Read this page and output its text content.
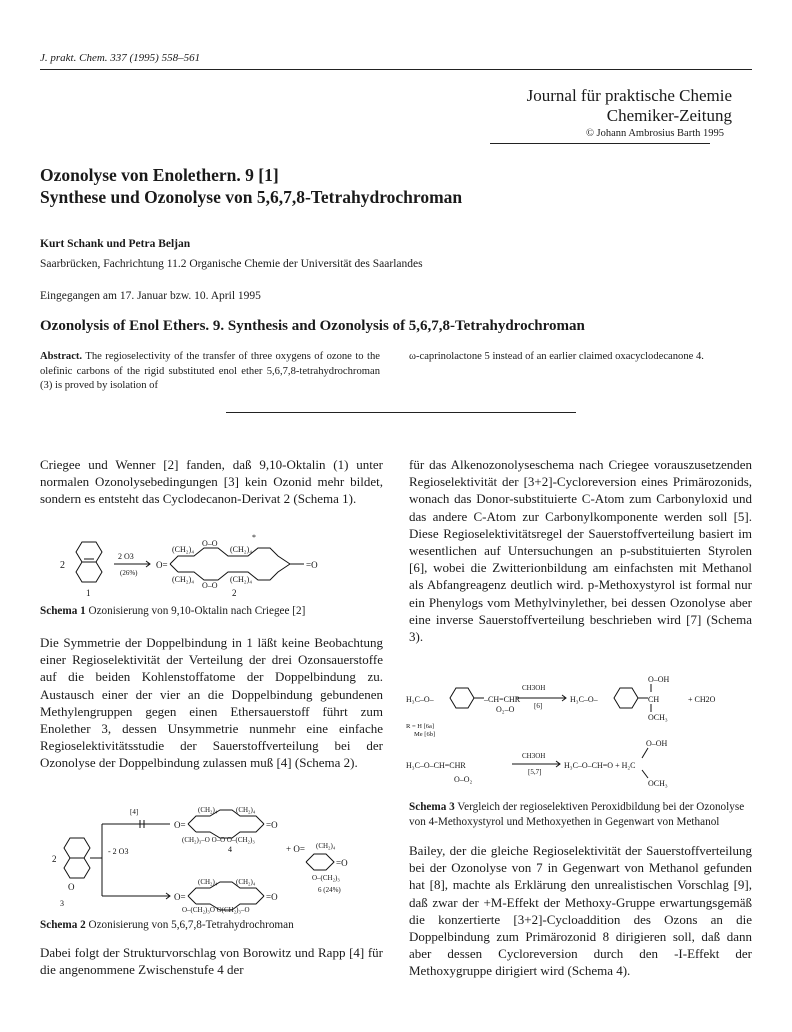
J. prakt. Chem. 337 (1995) 558–561
Journal für praktische Chemie
Chemiker-Zeitung
© Johann Ambrosius Barth 1995
Ozonolyse von Enolethern. 9 [1]
Synthese und Ozonolyse von 5,6,7,8-Tetrahydrochroman
Kurt Schank und Petra Beljan
Saarbrücken, Fachrichtung 11.2 Organische Chemie der Universität des Saarlandes
Eingegangen am 17. Januar bzw. 10. April 1995
Ozonolysis of Enol Ethers. 9. Synthesis and Ozonolysis of 5,6,7,8-Tetrahydrochroman
Abstract. The regioselectivity of the transfer of three oxygens of ozone to the olefinic carbons of the rigid substituted enol ether 5,6,7,8-tetrahydrochroman (3) is proved by isolation of
ω-caprinolactone 5 instead of an earlier claimed oxacyclodecanone 4.
Criegee und Wenner [2] fanden, daß 9,10-Oktalin (1) unter normalen Ozonolysebedingungen [3] kein Ozonid mehr bildet, sondern es entsteht das Cyclodecanon-Derivat 2 (Schema 1).
2
2 O3
(26%)
O=	=O
(CH₂)₄
O–O
(CH₂)₄
(CH₂)₄
O–O
(CH₂)₄
*
1	2
Schema 1 Ozonisierung von 9,10-Oktalin nach Criegee [2]
Die Symmetrie der Doppelbindung in 1 läßt keine Beobachtung einer Regioselektivität der Verteilung der drei Ozonsauerstoffe auf die beiden Kohlenstoffatome der Doppelbindung zu. Austausch einer der vier an die Doppelbindung gebundenen Methylengruppen gegen einen Ethersauerstoff führt zum Enolether 3, dessen Unsymmetrie nunmehr eine einfache Regioselektivitätsstudie der Sauerstoffverteilung bei der Ozonolyse der Doppelbindung zulassen muß [4] (Schema 2).
2
O
- 2 O3
[4]
O=	=O
(CH₂)₄	(CH₂)₄
(CH₂)₃–O O–O O–(CH₂)₃
4
O=	=O
(CH₂)₄	(CH₂)₄
O–(CH₂)₃O O(CH₂)₃–O
+ O= (CH₂)₄
=O
O–(CH₂)₃
6 (24%)
3
Schema 2 Ozonisierung von 5,6,7,8-Tetrahydrochroman
Dabei folgt der Strukturvorschlag von Borowitz und Rapp [4] für die angenommene Zwischenstufe 4 der
für das Alkenozonolyseschema nach Criegee vorauszusetzenden Regioselektivität der [3+2]-Cycloreversion eines Primärozonids, wonach das Donor-substituierte C-Atom zum Carbonyloxid und das andere C-Atom zur Carbonylkomponente werden soll [5]. Diese Regioselektivitätsregel der Sauerstoffverteilung basiert im wesentlichen auf Untersuchungen an p-substituierten Styrolen [6], wobei die Zwitterionbildung am einfachsten mit Methanol als Abfangreagenz deutlich wird. p-Methoxystyrol ist formal nur ein Phenylogs vom Methylvinylether, bei dessen Ozonolyse aber eine inverse Sauerstoffverteilung beschrieben wird [7] (Schema 3).
H₃C–O–	–CH=CHR
CH3OH
[6]
O₂–O
H₃C–O–	CH
O–OH
OCH₃
+ CH2O
R = H [6a]
Me [6b]
H₃C–O–CH=CHR
O–O₂
CH3OH
[5,7]
H₃C–O–CH=O + H₂C
O–OH
OCH₃
Schema 3 Vergleich der regioselektiven Peroxidbildung bei der Ozonolyse von 4-Methoxystyrol und Methoxyethen in Gegenwart von Methanol
Bailey, der die gleiche Regioselektivität der Sauerstoffverteilung bei der Ozonolyse von 7 in Gegenwart von Methanol gefunden hat [8], machte als Erklärung den unrealistischen Vorschlag [9], daß zwar der +M-Effekt der Methoxy-Gruppe erwartungsgemäß die konzertierte [3+2]-Cycloaddition des Ozons an die Doppelbindung zum Primärozonid 8 dirigieren soll, daß dann aber dessen Cycloreversion durch den -I-Effekt der Methoxygruppe dirigiert wird (Schema 4).
